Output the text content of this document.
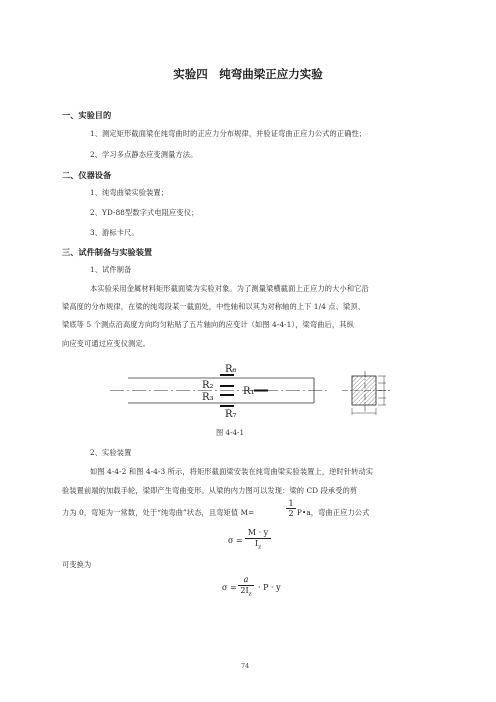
实验四　纯弯曲梁正应力实验
一、实验目的
1、测定矩形截面梁在纯弯曲时的正应力分布规律，并验证弯曲正应力公式的正确性；
2、学习多点静态应变测量方法。
二、仪器设备
1、纯弯曲梁实验装置；
2、YD-88型数字式电阻应变仪；
3、游标卡尺。
三、试件制备与实验装置
1、试件制备
本实验采用金属材料矩形截面梁为实验对象。为了测量梁横截面上正应力的大小和它沿
梁高度的分布规律，在梁的纯弯段某一截面处，中性轴和以其为对称轴的上下 1/4 点、梁顶、
梁底等 5 个测点沿高度方向均匀粘贴了五片轴向的应变计（如图 4-4-1），梁弯曲后，其纵
向应变可通过应变仪测定。
R₆
R₂
R₃
R₁
R₇
图 4-4-1
2、实验装置
如图 4-4-2 和图 4-4-3 所示，将矩形截面梁安装在纯弯曲梁实验装置上，逆时针转动实
验装置前端的加载手轮，梁即产生弯曲变形。从梁的内力图可以发现：梁的 CD 段承受的剪
力为 0，弯矩为一常数，处于“纯弯曲”状态，且弯矩值 M=	$\frac{1}{2}$ P•a，弯曲正应力公式
$\sigma = \frac{M \cdot y}{I_z}$
可变换为
$\sigma = \frac{a}{2I_z} \cdot P \cdot y$
74
